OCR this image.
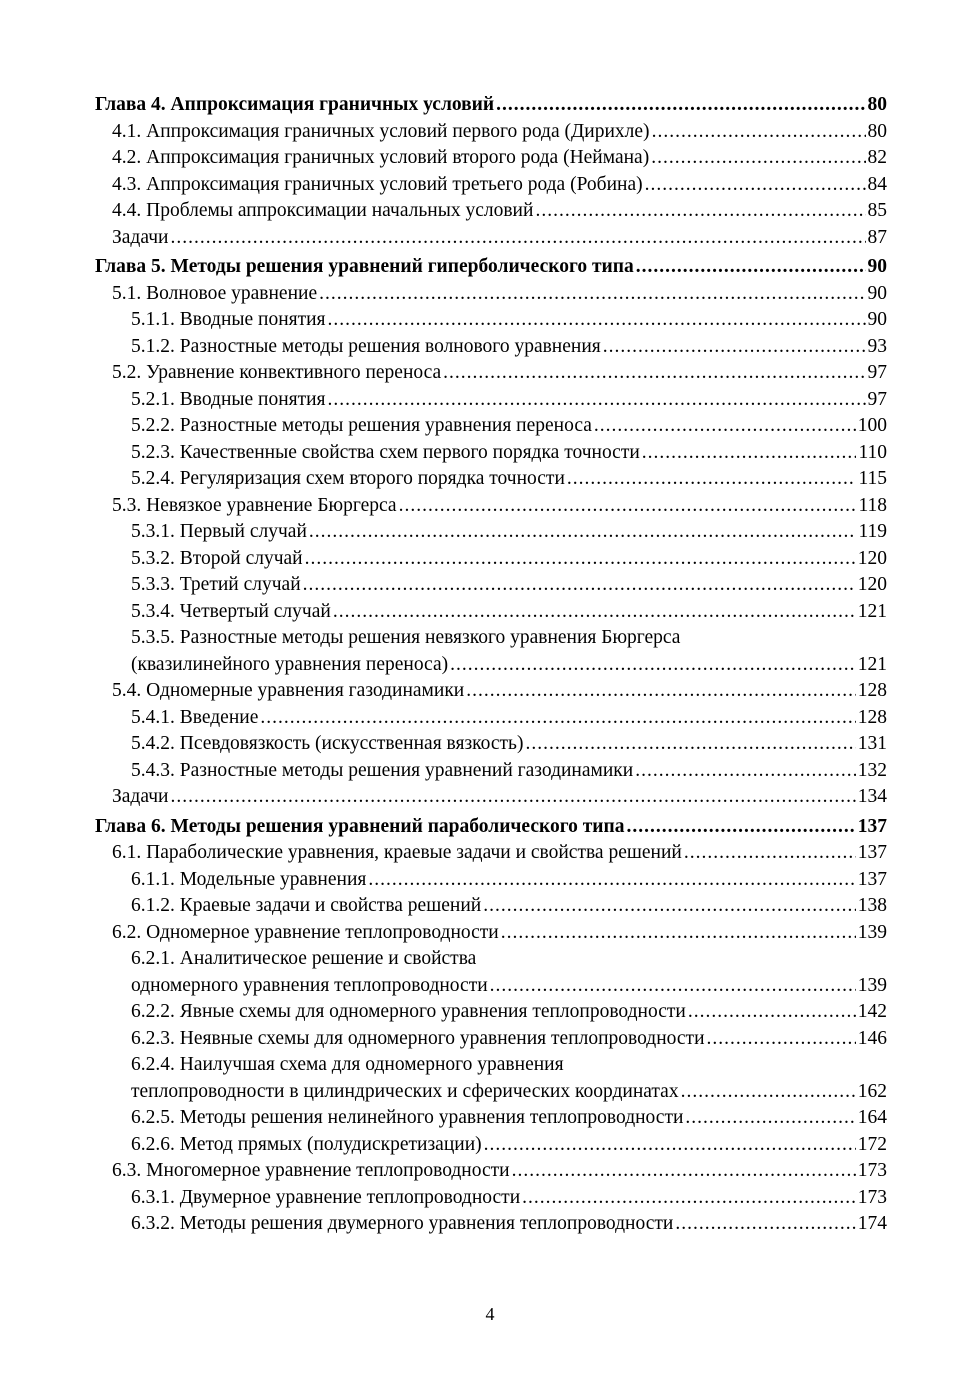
Глава 4. Аппроксимация граничных условий .....	80
4.1. Аппроксимация граничных условий первого рода (Дирихле) .....	80
4.2. Аппроксимация граничных условий второго рода (Неймана) .....	82
4.3. Аппроксимация граничных условий третьего рода (Робина) .....	84
4.4. Проблемы аппроксимации начальных условий .....	85
Задачи .....	87
Глава 5. Методы решения уравнений гиперболического типа .....	90
5.1. Волновое уравнение .....	90
5.1.1. Вводные понятия .....	90
5.1.2. Разностные методы решения волнового уравнения .....	93
5.2. Уравнение конвективного переноса .....	97
5.2.1. Вводные понятия .....	97
5.2.2. Разностные методы решения уравнения переноса .....	100
5.2.3. Качественные свойства схем первого порядка точности .....	110
5.2.4. Регуляризация схем второго порядка точности .....	115
5.3. Невязкое уравнение Бюргерса .....	118
5.3.1. Первый случай .....	119
5.3.2. Второй случай .....	120
5.3.3. Третий случай .....	120
5.3.4. Четвертый случай .....	121
5.3.5. Разностные методы решения невязкого уравнения Бюргерса
(квазилинейного уравнения переноса) .....	121
5.4. Одномерные уравнения газодинамики .....	128
5.4.1. Введение .....	128
5.4.2. Псевдовязкость (искусственная вязкость) .....	131
5.4.3. Разностные методы решения уравнений газодинамики .....	132
Задачи .....	134
Глава 6. Методы решения уравнений параболического типа .....	137
6.1. Параболические уравнения, краевые задачи и свойства решений .....	137
6.1.1. Модельные уравнения .....	137
6.1.2. Краевые задачи и свойства решений .....	138
6.2. Одномерное уравнение теплопроводности .....	139
6.2.1. Аналитическое решение и свойства
одномерного уравнения теплопроводности .....	139
6.2.2. Явные схемы для одномерного уравнения теплопроводности .....	142
6.2.3. Неявные схемы для одномерного уравнения теплопроводности .....	146
6.2.4. Наилучшая схема для одномерного уравнения
теплопроводности в цилиндрических и сферических координатах .....	162
6.2.5. Методы решения нелинейного уравнения теплопроводности .....	164
6.2.6. Метод прямых (полудискретизации) .....	172
6.3. Многомерное уравнение теплопроводности .....	173
6.3.1. Двумерное уравнение теплопроводности .....	173
6.3.2. Методы решения двумерного уравнения теплопроводности .....	174
4
